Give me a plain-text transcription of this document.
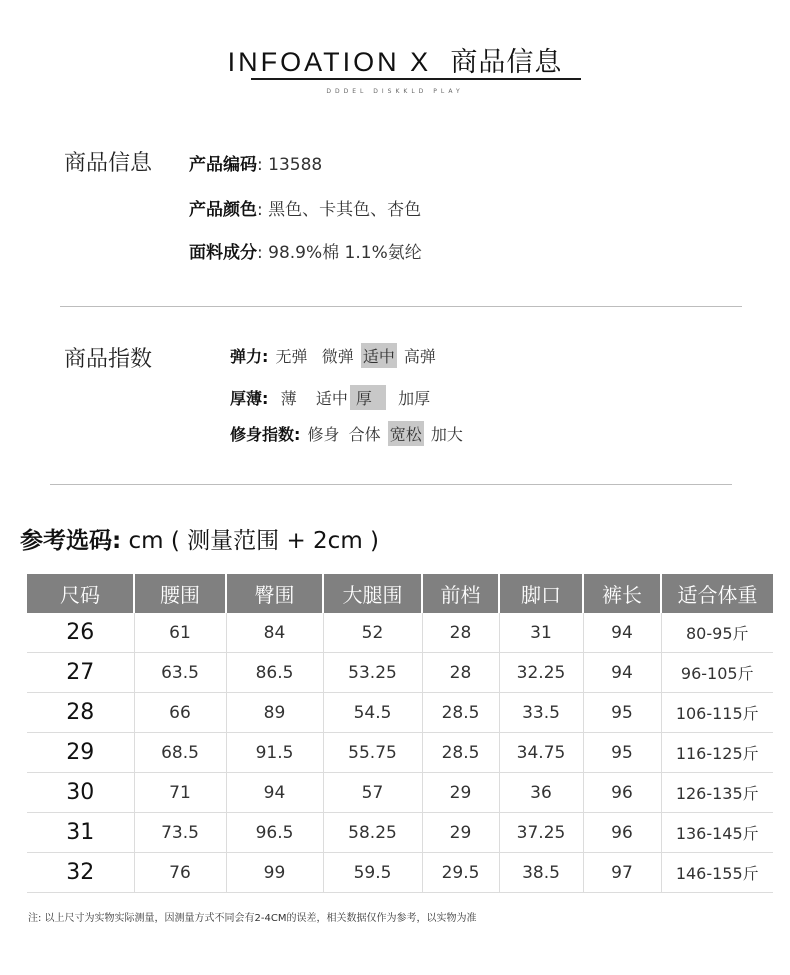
INFOATION X 商品信息
DDDEL DISKKLD PLAY
商品信息 产品编码: 13588
产品颜色: 黑色、卡其色、杏色
面料成分: 98.9%棉 1.1%氨纶
商品指数	弹力: 无弹 微弹 适中 高弹
厚薄: 薄 适中 厚 加厚
修身指数: 修身 合体 宽松 加大
参考选码: cm ( 测量范围 + 2cm )
尺码	腰围	臀围	大腿围	前档	脚口	裤长	适合体重
26	61	84	52	28	31	94	80-95斤
27	63.5	86.5	53.25	28	32.25	94	96-105斤
28	66	89	54.5	28.5	33.5	95	106-115斤
29	68.5	91.5	55.75	28.5	34.75	95	116-125斤
30	71	94	57	29	36	96	126-135斤
31	73.5	96.5	58.25	29	37.25	96	136-145斤
32	76	99	59.5	29.5	38.5	97	146-155斤
注: 以上尺寸为实物实际测量，因测量方式不同会有2-4CM的误差，相关数据仅作为参考，以实物为准
